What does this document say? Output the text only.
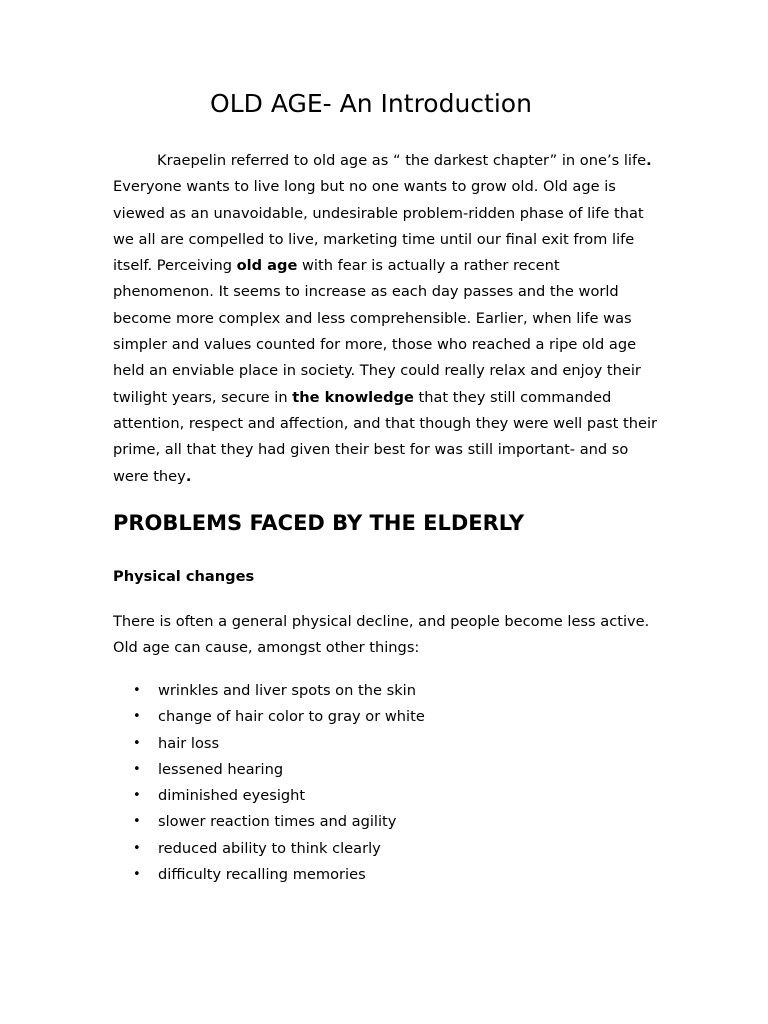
OLD AGE- An Introduction

Kraepelin referred to old age as “ the darkest chapter” in one’s life. Everyone wants to live long but no one wants to grow old. Old age is viewed as an unavoidable, undesirable problem-ridden phase of life that we all are compelled to live, marketing time until our final exit from life itself. Perceiving old age with fear is actually a rather recent phenomenon. It seems to increase as each day passes and the world become more complex and less comprehensible. Earlier, when life was simpler and values counted for more, those who reached a ripe old age held an enviable place in society. They could really relax and enjoy their twilight years, secure in the knowledge that they still commanded attention, respect and affection, and that though they were well past their prime, all that they had given their best for was still important- and so were they.

PROBLEMS FACED BY THE ELDERLY
Physical changes

There is often a general physical decline, and people become less active. Old age can cause, amongst other things:

• wrinkles and liver spots on the skin
• change of hair color to gray or white
• hair loss
• lessened hearing
• diminished eyesight
• slower reaction times and agility
• reduced ability to think clearly
• difficulty recalling memories
